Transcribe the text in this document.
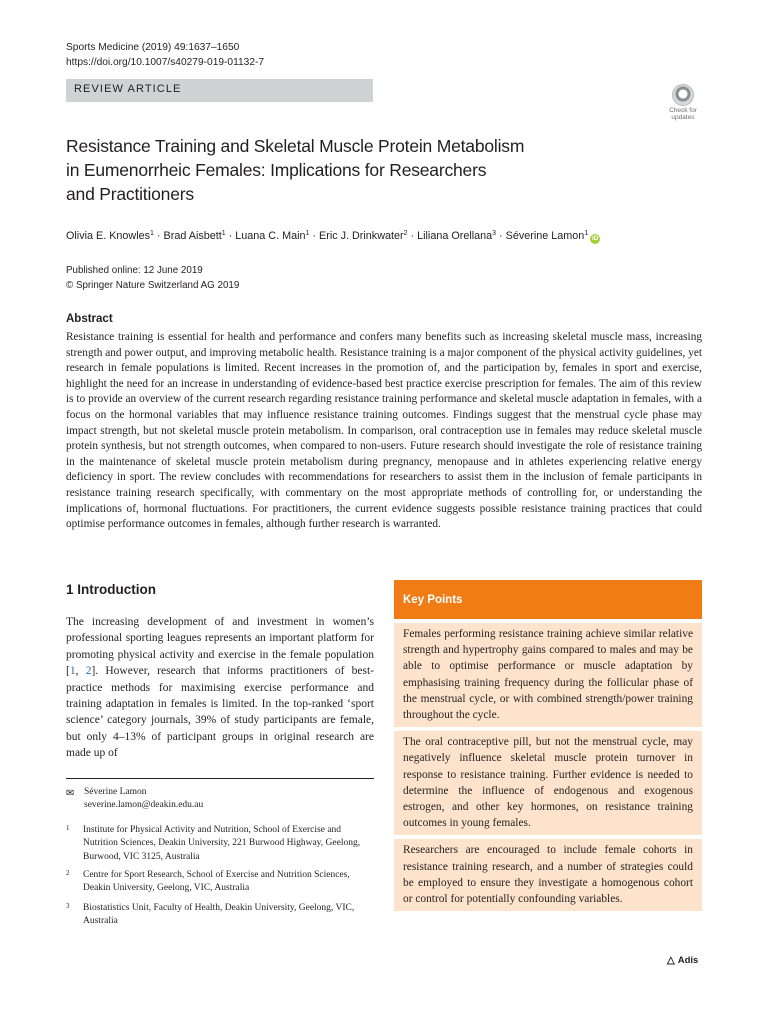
Sports Medicine (2019) 49:1637–1650
https://doi.org/10.1007/s40279-019-01132-7
REVIEW ARTICLE
Check for
updates
Resistance Training and Skeletal Muscle Protein Metabolism
in Eumenorrheic Females: Implications for Researchers
and Practitioners
Olivia E. Knowles$^1$ · Brad Aisbett$^1$ · Luana C. Main$^1$ · Eric J. Drinkwater$^2$ · Liliana Orellana$^3$ · Séverine Lamon$^1$iD
Published online: 12 June 2019
© Springer Nature Switzerland AG 2019
Abstract
Resistance training is essential for health and performance and confers many benefits such as increasing skeletal muscle mass, increasing strength and power output, and improving metabolic health. Resistance training is a major component of the physical activity guidelines, yet research in female populations is limited. Recent increases in the promotion of, and the participation by, females in sport and exercise, highlight the need for an increase in understanding of evidence-based best practice exercise prescription for females. The aim of this review is to provide an overview of the current research regarding resistance training performance and skeletal muscle adaptation in females, with a focus on the hormonal variables that may influence resistance training outcomes. Findings suggest that the menstrual cycle phase may impact strength, but not skeletal muscle protein metabolism. In comparison, oral contraception use in females may reduce skeletal muscle protein synthesis, but not strength outcomes, when compared to non-users. Future research should investigate the role of resistance training in the maintenance of skeletal muscle protein metabolism during pregnancy, menopause and in athletes experiencing relative energy deficiency in sport. The review concludes with recommendations for researchers to assist them in the inclusion of female participants in resistance training research specifically, with commentary on the most appropriate methods of controlling for, or understanding the implications of, hormonal fluctuations. For practitioners, the current evidence suggests possible resistance training practices that could optimise performance outcomes in females, although further research is warranted.
1 Introduction
The increasing development of and investment in women’s professional sporting leagues represents an important platform for promoting physical activity and exercise in the female population [1, 2]. However, research that informs practitioners of best-practice methods for maximising exercise performance and training adaptation in females is limited. In the top-ranked ‘sport science’ category journals, 39% of study participants are female, but only 4–13% of participant groups in original research are made up of
✉ Séverine Lamon
severine.lamon@deakin.edu.au
1 Institute for Physical Activity and Nutrition, School of Exercise and Nutrition Sciences, Deakin University, 221 Burwood Highway, Geelong, Burwood, VIC 3125, Australia
2 Centre for Sport Research, School of Exercise and Nutrition Sciences, Deakin University, Geelong, VIC, Australia
3 Biostatistics Unit, Faculty of Health, Deakin University, Geelong, VIC, Australia
Key Points
Females performing resistance training achieve similar relative strength and hypertrophy gains compared to males and may be able to optimise performance or muscle adaptation by emphasising training frequency during the follicular phase of the menstrual cycle, or with combined strength/power training throughout the cycle.
The oral contraceptive pill, but not the menstrual cycle, may negatively influence skeletal muscle protein turnover in response to resistance training. Further evidence is needed to determine the influence of endogenous and exogenous estrogen, and other key hormones, on resistance training outcomes in young females.
Researchers are encouraged to include female cohorts in resistance training research, and a number of strategies could be employed to ensure they investigate a homogenous cohort or control for potentially confounding variables.
△ Adis
